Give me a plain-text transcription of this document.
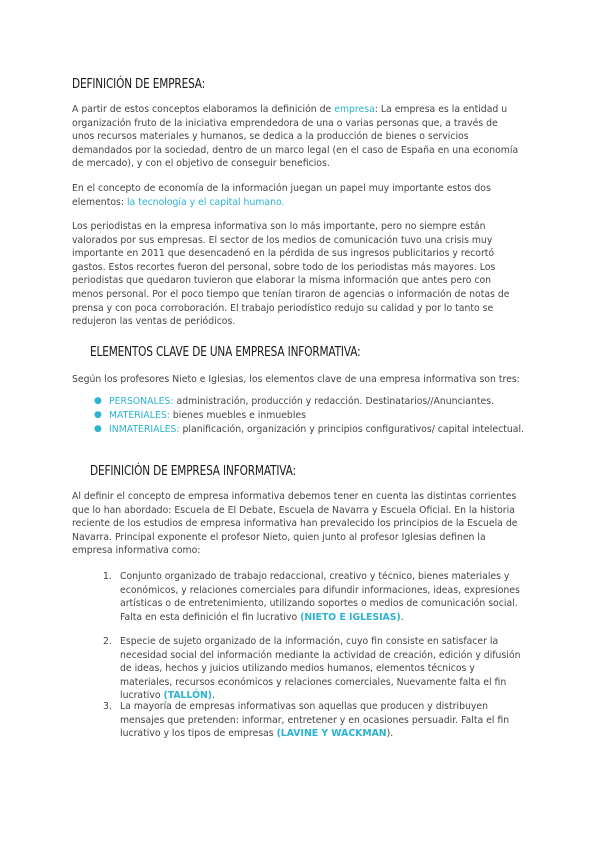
DEFINICIÓN DE EMPRESA:

A partir de estos conceptos elaboramos la definición de empresa: La empresa es la entidad u organización fruto de la iniciativa emprendedora de una o varias personas que, a través de unos recursos materiales y humanos, se dedica a la producción de bienes o servicios demandados por la sociedad, dentro de un marco legal (en el caso de España en una economía de mercado), y con el objetivo de conseguir beneficios.

En el concepto de economía de la información juegan un papel muy importante estos dos elementos: la tecnología y el capital humano.

Los periodistas en la empresa informativa son lo más importante, pero no siempre están valorados por sus empresas. El sector de los medios de comunicación tuvo una crisis muy importante en 2011 que desencadenó en la pérdida de sus ingresos publicitarios y recortó gastos. Estos recortes fueron del personal, sobre todo de los periodistas más mayores. Los periodistas que quedaron tuvieron que elaborar la misma información que antes pero con menos personal. Por el poco tiempo que tenían tiraron de agencias o información de notas de prensa y con poca corroboración. El trabajo periodístico redujo su calidad y por lo tanto se redujeron las ventas de periódicos.

ELEMENTOS CLAVE DE UNA EMPRESA INFORMATIVA:

Según los profesores Nieto e Iglesias, los elementos clave de una empresa informativa son tres:

● PERSONALES: administración, producción y redacción. Destinatarios//Anunciantes.
● MATERIALES: bienes muebles e inmuebles
● INMATERIALES: planificación, organización y principios configurativos/ capital intelectual.
DEFINICIÓN DE EMPRESA INFORMATIVA:

Al definir el concepto de empresa informativa debemos tener en cuenta las distintas corrientes que lo han abordado: Escuela de El Debate, Escuela de Navarra y Escuela Oficial. En la historia reciente de los estudios de empresa informativa han prevalecido los principios de la Escuela de Navarra. Principal exponente el profesor Nieto, quien junto al profesor Iglesias definen la empresa informativa como:

1. Conjunto organizado de trabajo redaccional, creativo y técnico, bienes materiales y económicos, y relaciones comerciales para difundir informaciones, ideas, expresiones artísticas o de entretenimiento, utilizando soportes o medios de comunicación social. Falta en esta definición el fin lucrativo (NIETO E IGLESIAS).
2. Especie de sujeto organizado de la información, cuyo fin consiste en satisfacer la necesidad social del información mediante la actividad de creación, edición y difusión de ideas, hechos y juicios utilizando medios humanos, elementos técnicos y materiales, recursos económicos y relaciones comerciales, Nuevamente falta el fin lucrativo (TALLÓN).
3. La mayoría de empresas informativas son aquellas que producen y distribuyen mensajes que pretenden: informar, entretener y en ocasiones persuadir. Falta el fin lucrativo y los tipos de empresas (LAVINE Y WACKMAN).
